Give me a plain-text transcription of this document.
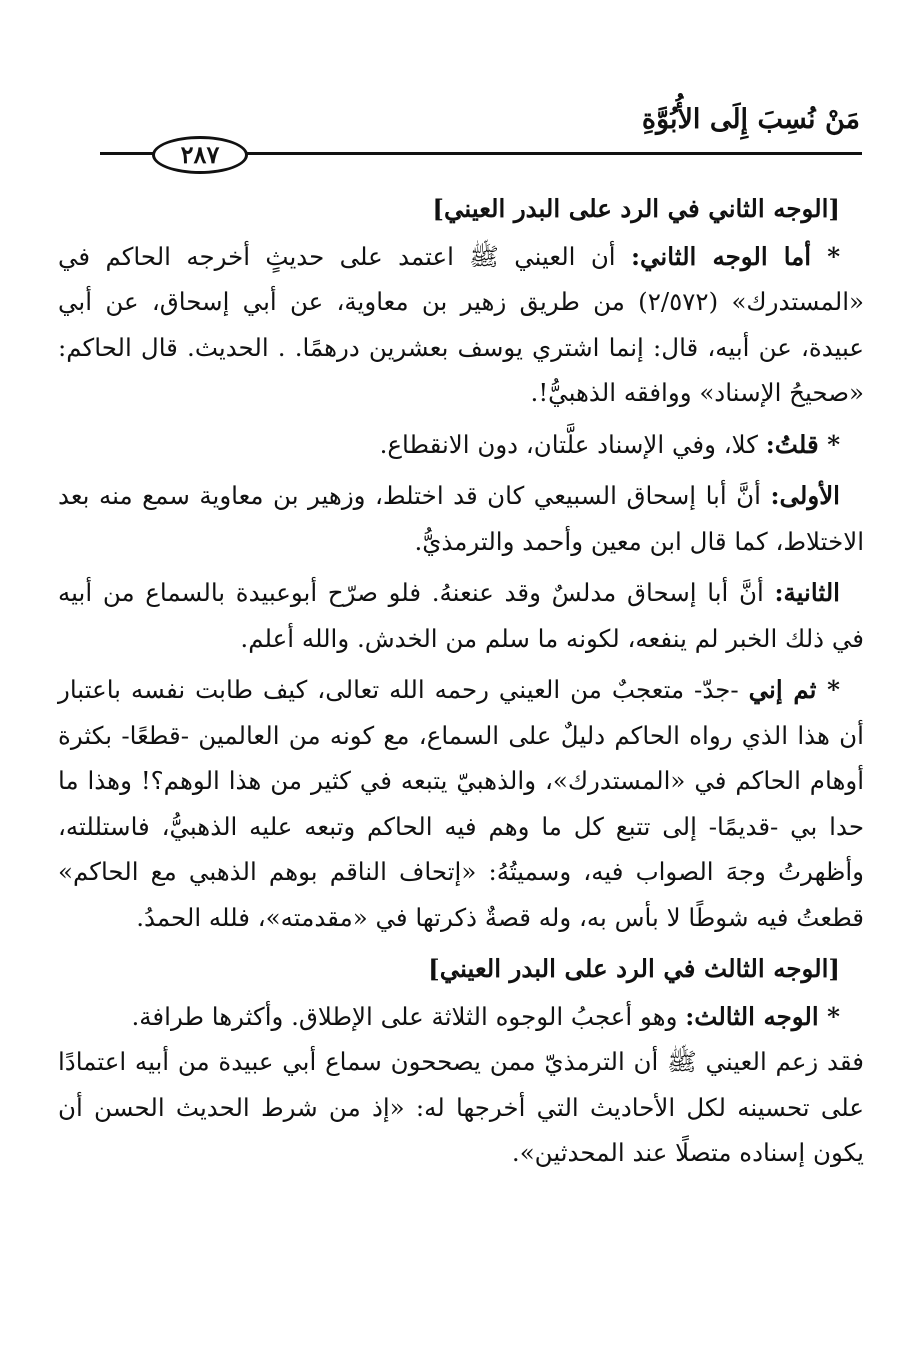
مَنْ نُسِبَ إِلَى الأُبُوَّةِ
٢٨٧

[الوجه الثاني في الرد على البدر العيني]

* أما الوجه الثاني: أن العيني ﷺ اعتمد على حديثٍ أخرجه الحاكم في «المستدرك» (٢/٥٧٢) من طريق زهير بن معاوية، عن أبي إسحاق، عن أبي عبيدة، عن أبيه، قال: إنما اشتري يوسف بعشرين درهمًا. . الحديث. قال الحاكم: «صحيحُ الإسناد» ووافقه الذهبيُّ!.

* قلتُ: كلا، وفي الإسناد علَّتان، دون الانقطاع.

الأولى: أنَّ أبا إسحاق السبيعي كان قد اختلط، وزهير بن معاوية سمع منه بعد الاختلاط، كما قال ابن معين وأحمد والترمذيُّ.

الثانية: أنَّ أبا إسحاق مدلسٌ وقد عنعنهُ. فلو صرّح أبوعبيدة بالسماع من أبيه في ذلك الخبر لم ينفعه، لكونه ما سلم من الخدش. والله أعلم.

* ثم إني -جدّ- متعجبٌ من العيني رحمه الله تعالى، كيف طابت نفسه باعتبار أن هذا الذي رواه الحاكم دليلٌ على السماع، مع كونه من العالمين -قطعًا- بكثرة أوهام الحاكم في «المستدرك»، والذهبيّ يتبعه في كثير من هذا الوهم؟! وهذا ما حدا بي -قديمًا- إلى تتبع كل ما وهم فيه الحاكم وتبعه عليه الذهبيُّ، فاستللته، وأظهرتُ وجهَ الصواب فيه، وسميتُهُ: «إتحاف الناقم بوهم الذهبي مع الحاكم» قطعتُ فيه شوطًا لا بأس به، وله قصةٌ ذكرتها في «مقدمته»، فلله الحمدُ.

[الوجه الثالث في الرد على البدر العيني]

* الوجه الثالث: وهو أعجبُ الوجوه الثلاثة على الإطلاق. وأكثرها طرافة.

فقد زعم العيني ﷺ أن الترمذيّ ممن يصححون سماع أبي عبيدة من أبيه اعتمادًا على تحسينه لكل الأحاديث التي أخرجها له: «إذ من شرط الحديث الحسن أن يكون إسناده متصلًا عند المحدثين».
